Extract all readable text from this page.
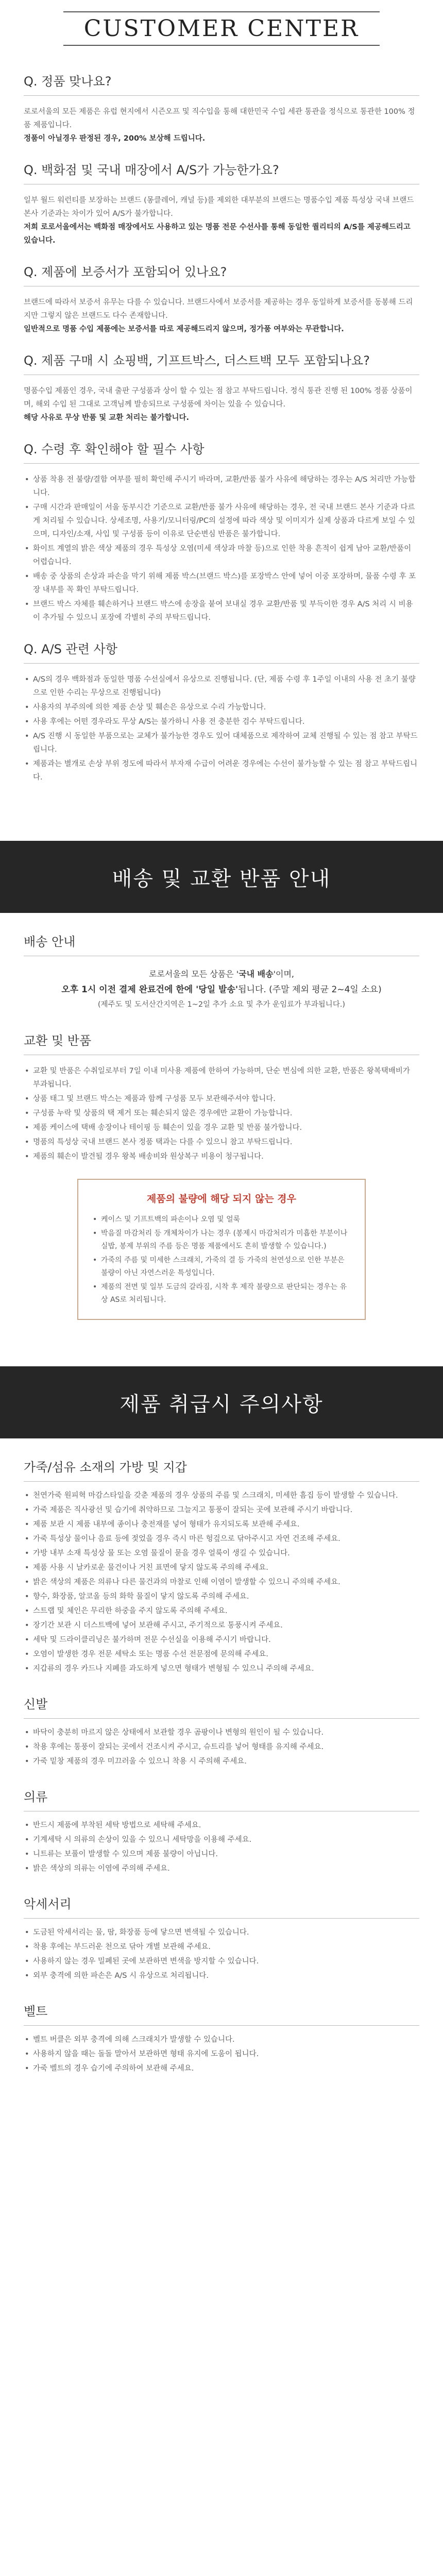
CUSTOMER CENTER
Q. 정품 맞나요?
로로서울의 모든 제품은 유럽 현지에서 시즌오프 및 직수입을 통해 대한민국 수입 세관 통관을 정식으로 통관한 100% 정품 제품입니다.
정품이 아닐경우 판정된 경우, 200% 보상해 드립니다.
Q. 백화점 및 국내 매장에서 A/S가 가능한가요?
일부 월드 워런티를 보장하는 브랜드 (몽클레어, 캐널 등)를 제외한 대부분의 브랜드는 명품수입 제품 특성상 국내 브랜드 본사 기준과는 차이가 있어 A/S가 불가합니다.
저희 로로서울에서는 백화점 매장에서도 사용하고 있는 명품 전문 수선사를 통해 동일한 퀄리티의 A/S를 제공해드리고 있습니다.
Q. 제품에 보증서가 포함되어 있나요?
브랜드에 따라서 보증서 유무는 다를 수 있습니다. 브랜드사에서 보증서를 제공하는 경우 동일하게 보증서를 동봉해 드리지만 그렇지 않은 브랜드도 다수 존재합니다.
일반적으로 명품 수입 제품에는 보증서를 따로 제공해드리지 않으며, 정가품 여부와는 무관합니다.
Q. 제품 구매 시 쇼핑백, 기프트박스, 더스트백 모두 포함되나요?
명품수입 제품인 경우, 국내 출판 구성품과 상이 할 수 있는 점 참고 부탁드립니다. 정식 통관 진행 된 100% 정품 상품이며, 해외 수입 된 그대로 고객님께 발송되므로 구성품에 차이는 있을 수 있습니다.
해당 사유로 무상 반품 및 교환 처리는 불가합니다.
Q. 수령 후 확인해야 할 필수 사항
• 상품 착용 전 불량/결함 여부를 필히 확인해 주시기 바라며, 교환/반품 불가 사유에 해당하는 경우는 A/S 처리만 가능합니다.
• 구매 시간과 판매일이 서울 동부시간 기준으로 교환/반품 불가 사유에 해당하는 경우, 전 국내 브랜드 본사 기준과 다르게 처리될 수 있습니다. 상세조명, 사용기/모니터링/PC의 설정에 따라 색상 및 이미지가 실제 상품과 다르게 보일 수 있으며, 디자인/소재, 사입 및 구성품 등이 이유로 단순변심 반품은 불가합니다.
• 화이트 계열의 밝은 색상 제품의 경우 특성상 오염(미세 색상과 마찰 등)으로 인한 착용 흔적이 쉽게 남아 교환/반품이 어렵습니다.
• 배송 중 상품의 손상과 파손을 막기 위해 제품 박스(브랜드 박스)를 포장박스 안에 넣어 이중 포장하며, 물품 수령 후 포장 내부를 꼭 확인 부탁드립니다.
• 브랜드 박스 자체를 훼손하거나 브랜드 박스에 송장을 붙여 보내실 경우 교환/반품 및 부득이한 경우 A/S 처리 시 비용이 추가될 수 있으니 포장에 각별히 주의 부탁드립니다.
Q. A/S 관련 사항
• A/S의 경우 백화점과 동일한 명품 수선실에서 유상으로 진행됩니다. (단, 제품 수령 후 1주일 이내의 사용 전 초기 불량으로 인한 수리는 무상으로 진행됩니다)
• 사용자의 부주의에 의한 제품 손상 및 훼손은 유상으로 수리 가능합니다.
• 사용 후에는 어떤 경우라도 무상 A/S는 불가하니 사용 전 충분한 검수 부탁드립니다.
• A/S 진행 시 동일한 부품으로는 교체가 불가능한 경우도 있어 대체품으로 제작하여 교체 진행될 수 있는 점 참고 부탁드립니다.
• 제품과는 별개로 손상 부위 정도에 따라서 부자재 수급이 어려운 경우에는 수선이 불가능할 수 있는 점 참고 부탁드립니다.
배송 및 교환 반품 안내
배송 안내
로로서울의 모든 상품은 '국내 배송'이며,
오후 1시 이전 결제 완료건에 한에 '당일 발송'됩니다. (주말 제외 평균 2~4일 소요)
(제주도 및 도서산간지역은 1~2일 추가 소요 및 추가 운임료가 부과됩니다.)
교환 및 반품
• 교환 및 반품은 수취일로부터 7일 이내 미사용 제품에 한하여 가능하며, 단순 변심에 의한 교환, 반품은 왕복택배비가 부과됩니다.
• 상품 태그 및 브랜드 박스는 제품과 함께 구성품 모두 보관해주셔야 합니다.
• 구성품 누락 및 상품의 택 제거 또는 훼손되지 않은 경우에만 교환이 가능합니다.
• 제품 케이스에 택배 송장이나 테이핑 등 훼손이 있을 경우 교환 및 반품 불가합니다.
• 명품의 특성상 국내 브랜드 본사 정품 택과는 다를 수 있으니 참고 부탁드립니다.
• 제품의 훼손이 발견될 경우 왕복 배송비와 원상복구 비용이 청구됩니다.
제품의 불량에 해당 되지 않는 경우
• 케이스 및 기프트백의 파손이나 오염 및 얼룩
• 박음질 마감처리 등 개체차이가 나는 경우 (봉제시 마감처리가 미흡한 부분이나 실밥, 봉제 부위의 주름 등은 명품 제품에서도 흔히 발생할 수 있습니다.)
• 가죽의 주름 및 미세한 스크래치, 가죽의 결 등 가죽의 천연성으로 인한 부분은 불량이 아닌 자연스러운 특성입니다.
• 제품의 전면 및 일부 도금의 갈라짐, 시착 후 제작 불량으로 판단되는 경우는 유상 AS로 처리됩니다.
제품 취급시 주의사항
가죽/섬유 소재의 가방 및 지갑
• 천연가죽 원피혁 마감스타일을 갖춘 제품의 경우 상품의 주름 및 스크래치, 미세한 흠집 등이 발생할 수 있습니다.
• 가죽 제품은 직사광선 및 습기에 취약하므로 그늘지고 통풍이 잘되는 곳에 보관해 주시기 바랍니다.
• 제품 보관 시 제품 내부에 종이나 충전재를 넣어 형태가 유지되도록 보관해 주세요.
• 가죽 특성상 물이나 음료 등에 젖었을 경우 즉시 마른 헝겊으로 닦아주시고 자연 건조해 주세요.
• 가방 내부 소재 특성상 물 또는 오염 물질이 묻을 경우 얼룩이 생길 수 있습니다.
• 제품 사용 시 날카로운 물건이나 거친 표면에 닿지 않도록 주의해 주세요.
• 밝은 색상의 제품은 의류나 다른 물건과의 마찰로 인해 이염이 발생할 수 있으니 주의해 주세요.
• 향수, 화장품, 알코올 등의 화학 물질이 닿지 않도록 주의해 주세요.
• 스트랩 및 체인은 무리한 하중을 주지 않도록 주의해 주세요.
• 장기간 보관 시 더스트백에 넣어 보관해 주시고, 주기적으로 통풍시켜 주세요.
• 세탁 및 드라이클리닝은 불가하며 전문 수선실을 이용해 주시기 바랍니다.
• 오염이 발생한 경우 전문 세탁소 또는 명품 수선 전문점에 문의해 주세요.
• 지갑류의 경우 카드나 지폐를 과도하게 넣으면 형태가 변형될 수 있으니 주의해 주세요.
신발
• 바닥이 충분히 마르지 않은 상태에서 보관할 경우 곰팡이나 변형의 원인이 될 수 있습니다.
• 착용 후에는 통풍이 잘되는 곳에서 건조시켜 주시고, 슈트리를 넣어 형태를 유지해 주세요.
• 가죽 밑창 제품의 경우 미끄러울 수 있으니 착용 시 주의해 주세요.
의류
• 반드시 제품에 부착된 세탁 방법으로 세탁해 주세요.
• 기계세탁 시 의류의 손상이 있을 수 있으니 세탁망을 이용해 주세요.
• 니트류는 보풀이 발생할 수 있으며 제품 불량이 아닙니다.
• 밝은 색상의 의류는 이염에 주의해 주세요.
악세서리
• 도금된 악세서리는 물, 땀, 화장품 등에 닿으면 변색될 수 있습니다.
• 착용 후에는 부드러운 천으로 닦아 개별 보관해 주세요.
• 사용하지 않는 경우 밀폐된 곳에 보관하면 변색을 방지할 수 있습니다.
• 외부 충격에 의한 파손은 A/S 시 유상으로 처리됩니다.
벨트
• 벨트 버클은 외부 충격에 의해 스크래치가 발생할 수 있습니다.
• 사용하지 않을 때는 돌돌 말아서 보관하면 형태 유지에 도움이 됩니다.
• 가죽 벨트의 경우 습기에 주의하여 보관해 주세요.
